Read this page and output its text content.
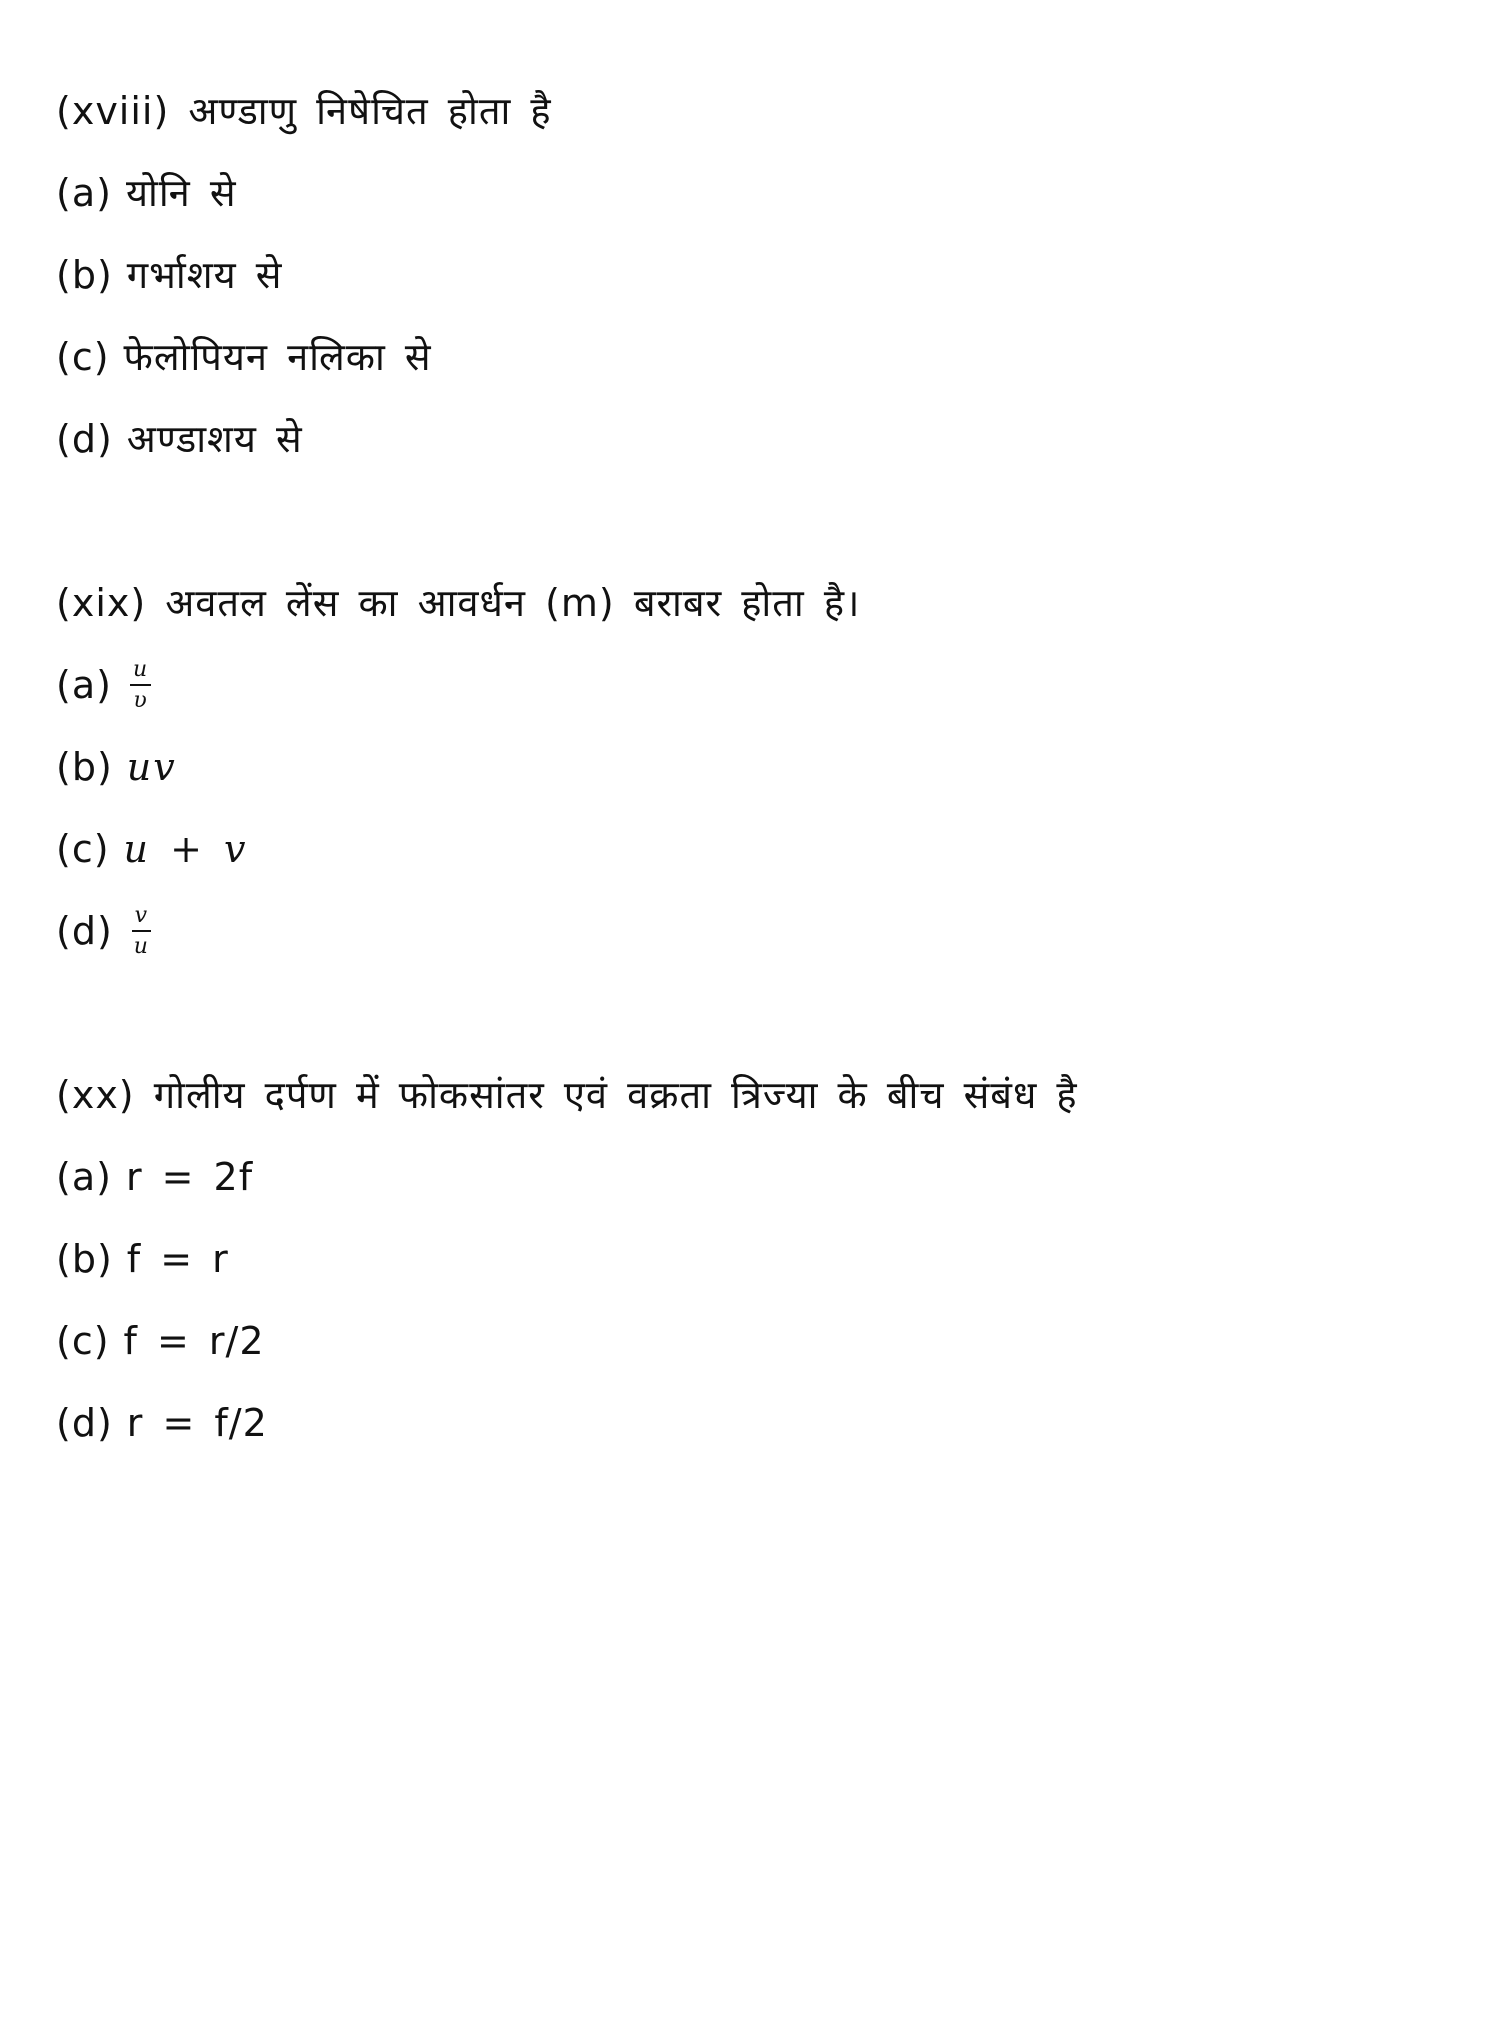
(xviii) अण्डाणु निषेचित होता है
(a) योनि से
(b) गर्भाशय से
(c) फेलोपियन नलिका से
(d) अण्डाशय से
(xix) अवतल लेंस का आवर्धन (m) बराबर होता है।
$(a) \frac{u}{\upsilon}$
(b) uv
(c) u + v
$(d) \frac{v}{u}$
(xx) गोलीय दर्पण में फोकसांतर एवं वक्रता त्रिज्या के बीच संबंध है
(a) r = 2f
(b) f = r
(c) f = r/2
(d) r = f/2
